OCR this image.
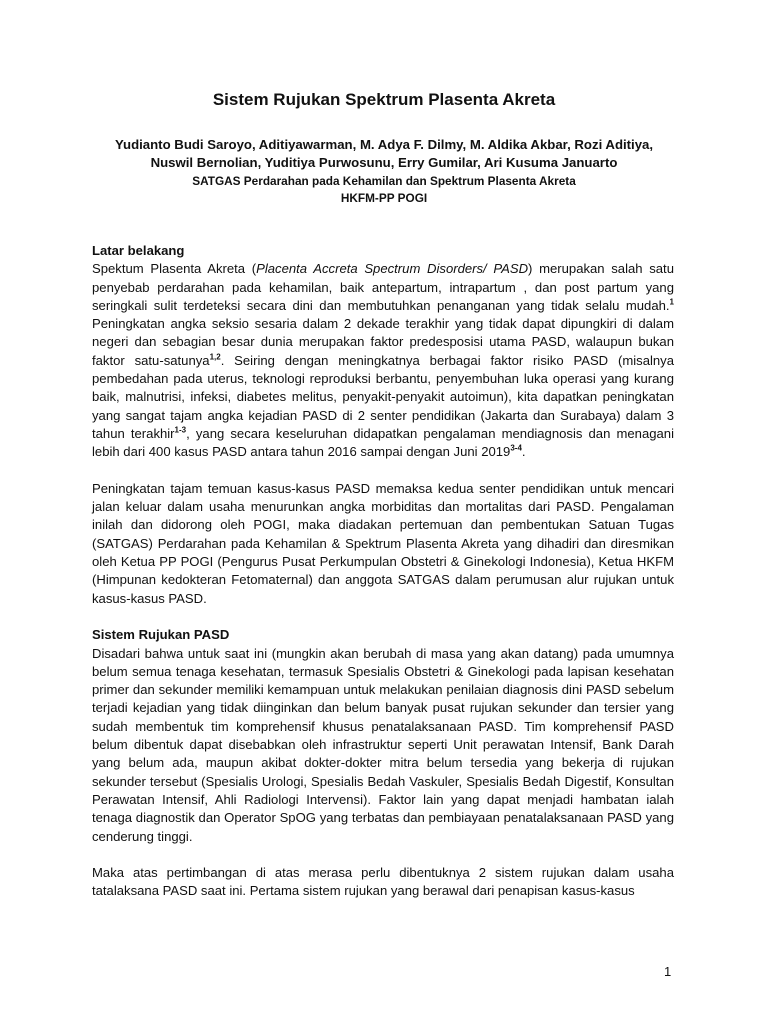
Sistem Rujukan Spektrum Plasenta Akreta
Yudianto Budi Saroyo, Aditiyawarman, M. Adya F. Dilmy, M. Aldika Akbar, Rozi Aditiya,
Nuswil Bernolian, Yuditiya Purwosunu, Erry Gumilar, Ari Kusuma Januarto
SATGAS Perdarahan pada Kehamilan dan Spektrum Plasenta Akreta
HKFM-PP POGI
Latar belakang

Spektum Plasenta Akreta (Placenta Accreta Spectrum Disorders/ PASD) merupakan salah satu penyebab perdarahan pada kehamilan, baik antepartum, intrapartum , dan post partum yang seringkali sulit terdeteksi secara dini dan membutuhkan penanganan yang tidak selalu mudah.$^1$ Peningkatan angka seksio sesaria dalam 2 dekade terakhir yang tidak dapat dipungkiri di dalam negeri dan sebagian besar dunia merupakan faktor predesposisi utama PASD, walaupun bukan faktor satu-satunya$^{1,2}$. Seiring dengan meningkatnya berbagai faktor risiko PASD (misalnya pembedahan pada uterus, teknologi reproduksi berbantu, penyembuhan luka operasi yang kurang baik, malnutrisi, infeksi, diabetes melitus, penyakit-penyakit autoimun), kita dapatkan peningkatan yang sangat tajam angka kejadian PASD di 2 senter pendidikan (Jakarta dan Surabaya) dalam 3 tahun terakhir$^{1-3}$, yang secara keseluruhan didapatkan pengalaman mendiagnosis dan menagani lebih dari 400 kasus PASD antara tahun 2016 sampai dengan Juni 2019$^{3-4}$.

Peningkatan tajam temuan kasus-kasus PASD memaksa kedua senter pendidikan untuk mencari jalan keluar dalam usaha menurunkan angka morbiditas dan mortalitas dari PASD. Pengalaman inilah dan didorong oleh POGI, maka diadakan pertemuan dan pembentukan Satuan Tugas (SATGAS) Perdarahan pada Kehamilan & Spektrum Plasenta Akreta yang dihadiri dan diresmikan oleh Ketua PP POGI (Pengurus Pusat Perkumpulan Obstetri & Ginekologi Indonesia), Ketua HKFM (Himpunan kedokteran Fetomaternal) dan anggota SATGAS dalam perumusan alur rujukan untuk kasus-kasus PASD.

Sistem Rujukan PASD

Disadari bahwa untuk saat ini (mungkin akan berubah di masa yang akan datang) pada umumnya belum semua tenaga kesehatan, termasuk Spesialis Obstetri & Ginekologi pada lapisan kesehatan primer dan sekunder memiliki kemampuan untuk melakukan penilaian diagnosis dini PASD sebelum terjadi kejadian yang tidak diinginkan dan belum banyak pusat rujukan sekunder dan tersier yang sudah membentuk tim komprehensif khusus penatalaksanaan PASD. Tim komprehensif PASD belum dibentuk dapat disebabkan oleh infrastruktur seperti Unit perawatan Intensif, Bank Darah yang belum ada, maupun akibat dokter-dokter mitra belum tersedia yang bekerja di rujukan sekunder tersebut (Spesialis Urologi, Spesialis Bedah Vaskuler, Spesialis Bedah Digestif, Konsultan Perawatan Intensif, Ahli Radiologi Intervensi). Faktor lain yang dapat menjadi hambatan ialah tenaga diagnostik dan Operator SpOG yang terbatas dan pembiayaan penatalaksanaan PASD yang cenderung tinggi.

Maka atas pertimbangan di atas merasa perlu dibentuknya 2 sistem rujukan dalam usaha tatalaksana PASD saat ini. Pertama sistem rujukan yang berawal dari penapisan kasus-kasus

1
